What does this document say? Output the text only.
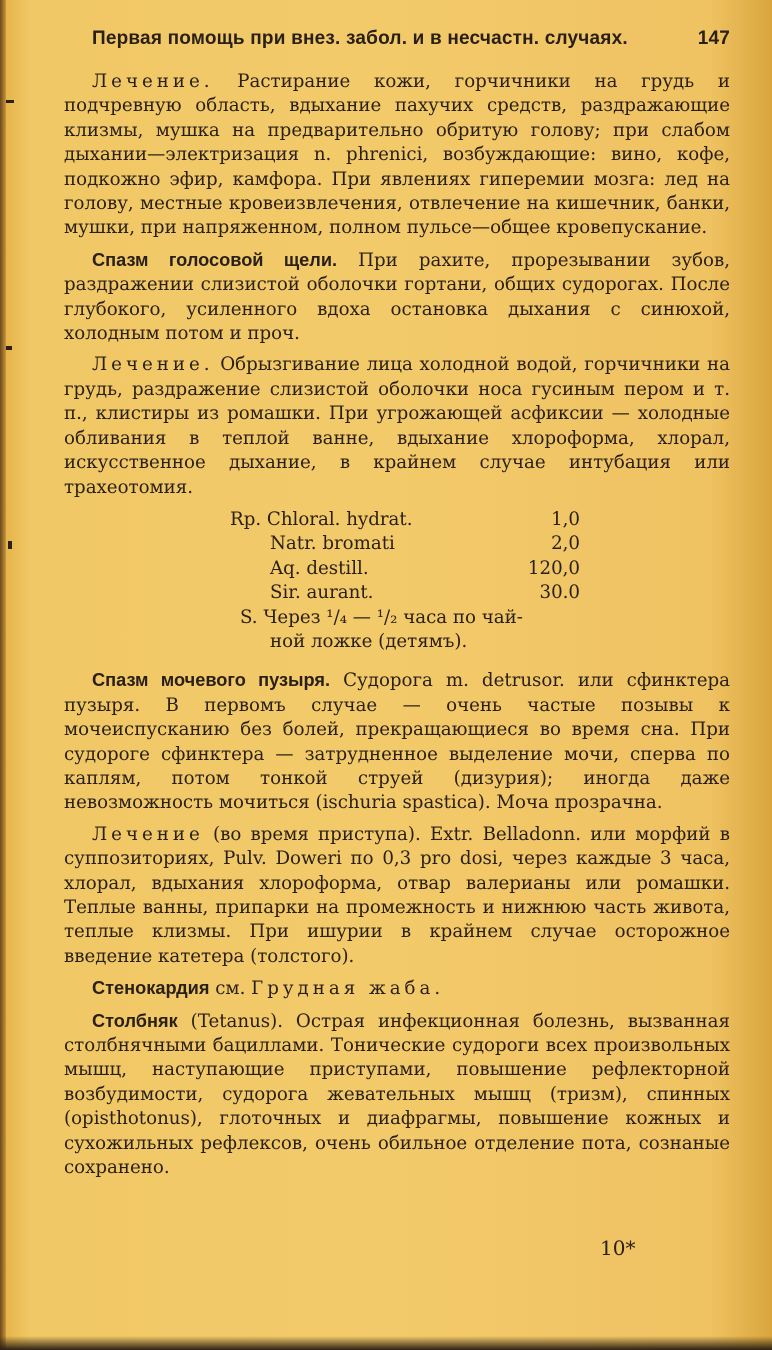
Первая помощь при внез. забол. и в несчастн. случаях.	147

Лечение. Растирание кожи, горчичники на грудь и подчревную область, вдыхание пахучих средств, раздражающие клизмы, мушка на предварительно обритую голову; при слабом дыхании—электризация n. phrenici, возбуждающие: вино, кофе, подкожно эфир, камфора. При явлениях гиперемии мозга: лед на голову, местные кровеизвлечения, отвлечение на кишечник, банки, мушки, при напряженном, полном пульсе—общее кровепускание.

Спазм голосовой щели. При рахите, прорезывании зубов, раздражении слизистой оболочки гортани, общих судорогах. После глубокого, усиленного вдоха остановка дыхания с синюхой, холодным потом и проч.

Лечение. Обрызгивание лица холодной водой, горчичники на грудь, раздражение слизистой оболочки носа гусиным пером и т. п., клистиры из ромашки. При угрожающей асфиксии — холодные обливания в теплой ванне, вдыхание хлороформа, хлорал, искусственное дыхание, в крайнем случае интубация или трахеотомия.

Rp. Chloral. hydrat.	1,0
Natr. bromati	2,0
Aq. destill.	120,0
Sir. aurant.	30.0
S. Через ¹/₄ — ¹/₂ часа по чай-
ной ложке (детямъ).

Спазм мочевого пузыря. Судорога m. detrusor. или сфинктера пузыря. В первомъ случае — очень частые позывы к мочеиспусканию без болей, прекращающиеся во время сна. При судороге сфинктера — затрудненное выделение мочи, сперва по каплям, потом тонкой струей (дизурия); иногда даже невозможность мочиться (ischuria spastica). Моча прозрачна.

Лечение (во время приступа). Extr. Belladonn. или морфий в суппозиториях, Pulv. Doweri по 0,3 pro dosi, через каждые 3 часа, хлорал, вдыхания хлороформа, отвар валерианы или ромашки. Теплые ванны, припарки на промежность и нижнюю часть живота, теплые клизмы. При ишурии в крайнем случае осторожное введение катетера (толстого).

Стенокардия см. Грудная жаба.

Столбняк (Tetanus). Острая инфекционная болезнь, вызванная столбнячными бациллами. Тонические судороги всех произвольных мышц, наступающие приступами, повышение рефлекторной возбудимости, судорога жевательных мышц (тризм), спинных (opisthotonus), глоточных и диафрагмы, повышение кожных и сухожильных рефлексов, очень обильное отделение пота, сознаные сохранено.

10*
